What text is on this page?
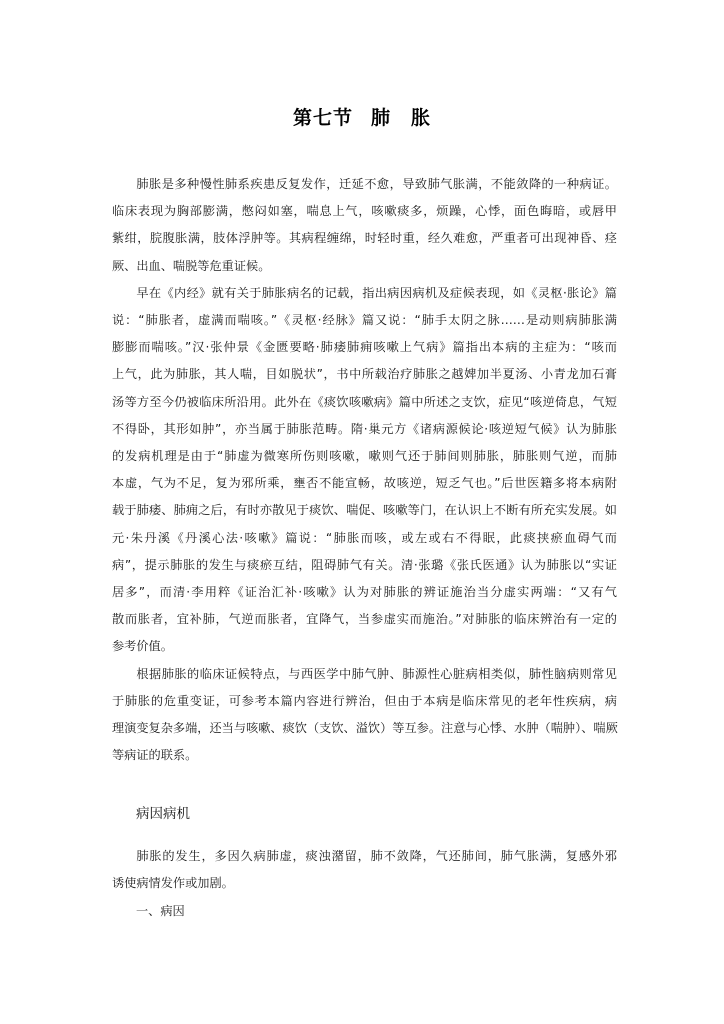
第七节 肺　胀

肺胀是多种慢性肺系疾患反复发作，迁延不愈，导致肺气胀满，不能敛降的一种病证。

临床表现为胸部膨满，憋闷如塞，喘息上气，咳嗽痰多，烦躁，心悸，面色晦暗，或唇甲

紫绀，脘腹胀满，肢体浮肿等。其病程缠绵，时轻时重，经久难愈，严重者可出现神昏、痉

厥、出血、喘脱等危重证候。

早在《内经》就有关于肺胀病名的记载，指出病因病机及症候表现，如《灵枢·胀论》篇

说：“肺胀者，虚满而喘咳。”《灵枢·经脉》篇又说：“肺手太阴之脉……是动则病肺胀满

膨膨而喘咳。”汉·张仲景《金匮要略·肺痿肺痈咳嗽上气病》篇指出本病的主症为：“咳而

上气，此为肺胀，其人喘，目如脱状”，书中所载治疗肺胀之越婢加半夏汤、小青龙加石膏

汤等方至今仍被临床所沿用。此外在《痰饮咳嗽病》篇中所述之支饮，症见“咳逆倚息，气短

不得卧，其形如肿”，亦当属于肺胀范畴。隋·巢元方《诸病源候论·咳逆短气候》认为肺胀

的发病机理是由于“肺虚为微寒所伤则咳嗽，嗽则气还于肺间则肺胀，肺胀则气逆，而肺

本虚，气为不足，复为邪所乘，壅否不能宣畅，故咳逆，短乏气也。”后世医籍多将本病附

载于肺痿、肺痈之后，有时亦散见于痰饮、喘促、咳嗽等门，在认识上不断有所充实发展。如

元·朱丹溪《丹溪心法·咳嗽》篇说：“肺胀而咳，或左或右不得眠，此痰挟瘀血碍气而

病”，提示肺胀的发生与痰瘀互结，阻碍肺气有关。清·张璐《张氏医通》认为肺胀以“实证

居多”，而清·李用粹《证治汇补·咳嗽》认为对肺胀的辨证施治当分虚实两端：“又有气

散而胀者，宜补肺，气逆而胀者，宜降气，当参虚实而施治。”对肺胀的临床辨治有一定的

参考价值。

根据肺胀的临床证候特点，与西医学中肺气肿、肺源性心脏病相类似，肺性脑病则常见

于肺胀的危重变证，可参考本篇内容进行辨治，但由于本病是临床常见的老年性疾病，病

理演变复杂多端，还当与咳嗽、痰饮（支饮、溢饮）等互参。注意与心悸、水肿（喘肿）、喘厥

等病证的联系。

病因病机

肺胀的发生，多因久病肺虚，痰浊潴留，肺不敛降，气还肺间，肺气胀满，复感外邪

诱使病情发作或加剧。

一、病因
